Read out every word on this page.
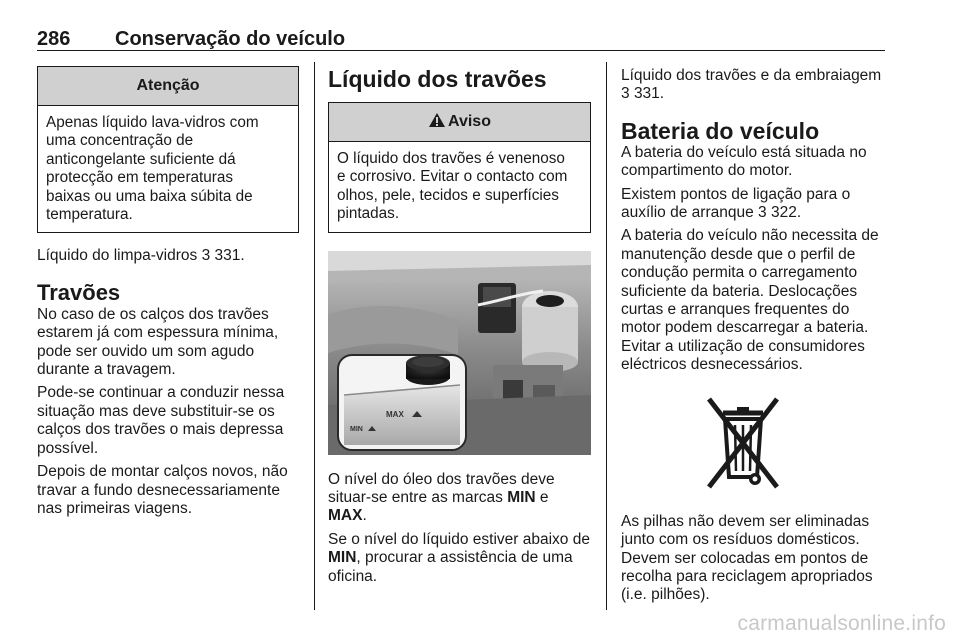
286 Conservação do veículo
Atenção
Apenas líquido lava-vidros com
uma concentração de
anticongelante suficiente dá
protecção em temperaturas
baixas ou uma baixa súbita de
temperatura.

Líquido do limpa-vidros 3 331.

Travões

No caso de os calços dos travões
estarem já com espessura mínima,
pode ser ouvido um som agudo
durante a travagem.

Pode-se continuar a conduzir nessa
situação mas deve substituir-se os
calços dos travões o mais depressa
possível.

Depois de montar calços novos, não
travar a fundo desnecessariamente
nas primeiras viagens.

Líquido dos travões
Aviso
O líquido dos travões é venenoso
e corrosivo. Evitar o contacto com
olhos, pele, tecidos e superfícies
pintadas.
MAX
MIN

O nível do óleo dos travões deve
situar-se entre as marcas MIN e
MAX.

Se o nível do líquido estiver abaixo de
MIN, procurar a assistência de uma
oficina.

Líquido dos travões e da embraiagem
3 331.

Bateria do veículo

A bateria do veículo está situada no
compartimento do motor.

Existem pontos de ligação para o
auxílio de arranque 3 322.

A bateria do veículo não necessita de
manutenção desde que o perfil de
condução permita o carregamento
suficiente da bateria. Deslocações
curtas e arranques frequentes do
motor podem descarregar a bateria.
Evitar a utilização de consumidores
eléctricos desnecessários.

As pilhas não devem ser eliminadas
junto com os resíduos domésticos.
Devem ser colocadas em pontos de
recolha para reciclagem apropriados
(i.e. pilhões).

carmanualsonline.info
